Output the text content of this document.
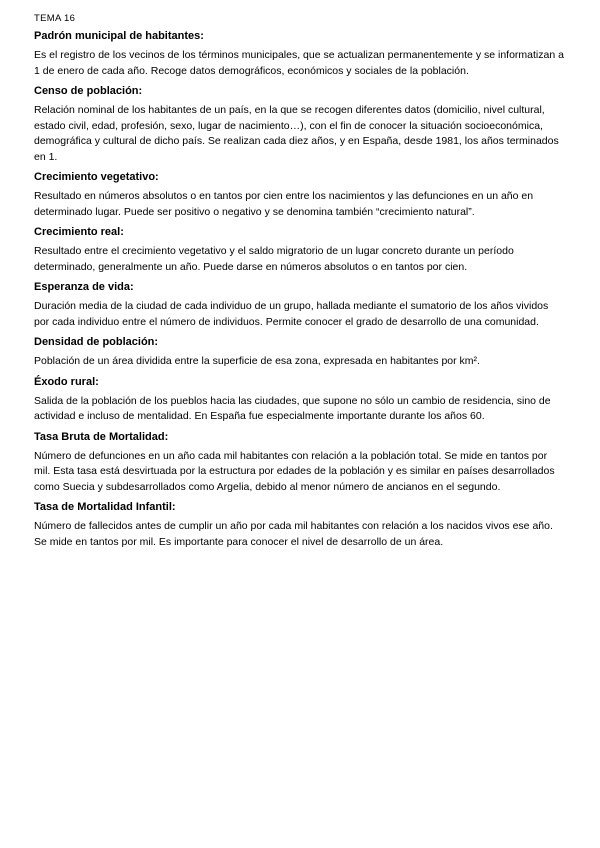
TEMA 16
Padrón municipal de habitantes:

Es el registro de los vecinos de los términos municipales, que se actualizan permanentemente y se informatizan a 1 de enero de cada año. Recoge datos demográficos, económicos y sociales de la población.

Censo de población:

Relación nominal de los habitantes de un país, en la que se recogen diferentes datos (domicilio, nivel cultural, estado civil, edad, profesión, sexo, lugar de nacimiento…), con el fin de conocer la situación socioeconómica, demográfica y cultural de dicho país. Se realizan cada diez años, y en España, desde 1981, los años terminados en 1.

Crecimiento vegetativo:

Resultado en números absolutos o en tantos por cien entre los nacimientos y las defunciones en un año en determinado lugar. Puede ser positivo o negativo y se denomina también “crecimiento natural”.

Crecimiento real:

Resultado entre el crecimiento vegetativo y el saldo migratorio de un lugar concreto durante un período determinado, generalmente un año. Puede darse en números absolutos o en tantos por cien.

Esperanza de vida:

Duración media de la ciudad de cada individuo de un grupo, hallada mediante el sumatorio de los años vividos por cada individuo entre el número de individuos. Permite conocer el grado de desarrollo de una comunidad.

Densidad de población:

Población de un área dividida entre la superficie de esa zona, expresada en habitantes por km².

Éxodo rural:

Salida de la población de los pueblos hacia las ciudades, que supone no sólo un cambio de residencia, sino de actividad e incluso de mentalidad. En España fue especialmente importante durante los años 60.

Tasa Bruta de Mortalidad:

Número de defunciones en un año cada mil habitantes con relación a la población total. Se mide en tantos por mil. Esta tasa está desvirtuada por la estructura por edades de la población y es similar en países desarrollados como Suecia y subdesarrollados como Argelia, debido al menor número de ancianos en el segundo.

Tasa de Mortalidad Infantil:

Número de fallecidos antes de cumplir un año por cada mil habitantes con relación a los nacidos vivos ese año. Se mide en tantos por mil. Es importante para conocer el nivel de desarrollo de un área.
